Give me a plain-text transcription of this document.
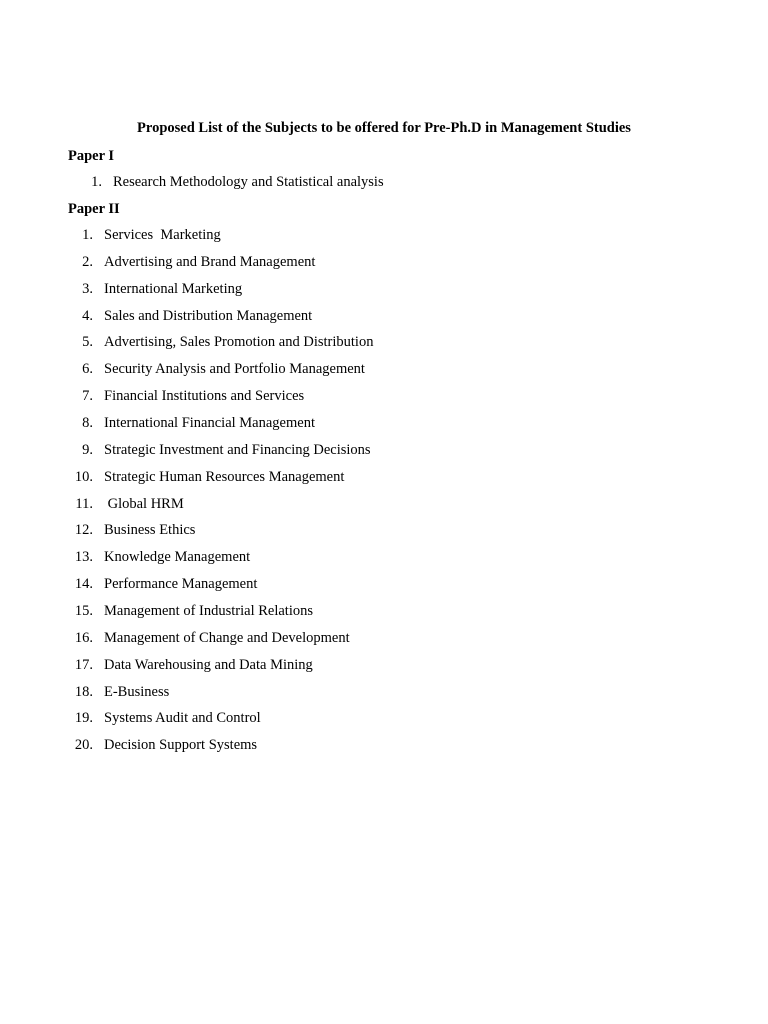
Proposed List of the Subjects to be offered for Pre-Ph.D in Management Studies
Paper I
1. Research Methodology and Statistical analysis
Paper II
1. Services  Marketing
2. Advertising and Brand Management
3. International Marketing
4. Sales and Distribution Management
5. Advertising, Sales Promotion and Distribution
6. Security Analysis and Portfolio Management
7. Financial Institutions and Services
8. International Financial Management
9. Strategic Investment and Financing Decisions
10. Strategic Human Resources Management
11. Global HRM
12. Business Ethics
13. Knowledge Management
14. Performance Management
15. Management of Industrial Relations
16. Management of Change and Development
17. Data Warehousing and Data Mining
18. E-Business
19. Systems Audit and Control
20. Decision Support Systems
